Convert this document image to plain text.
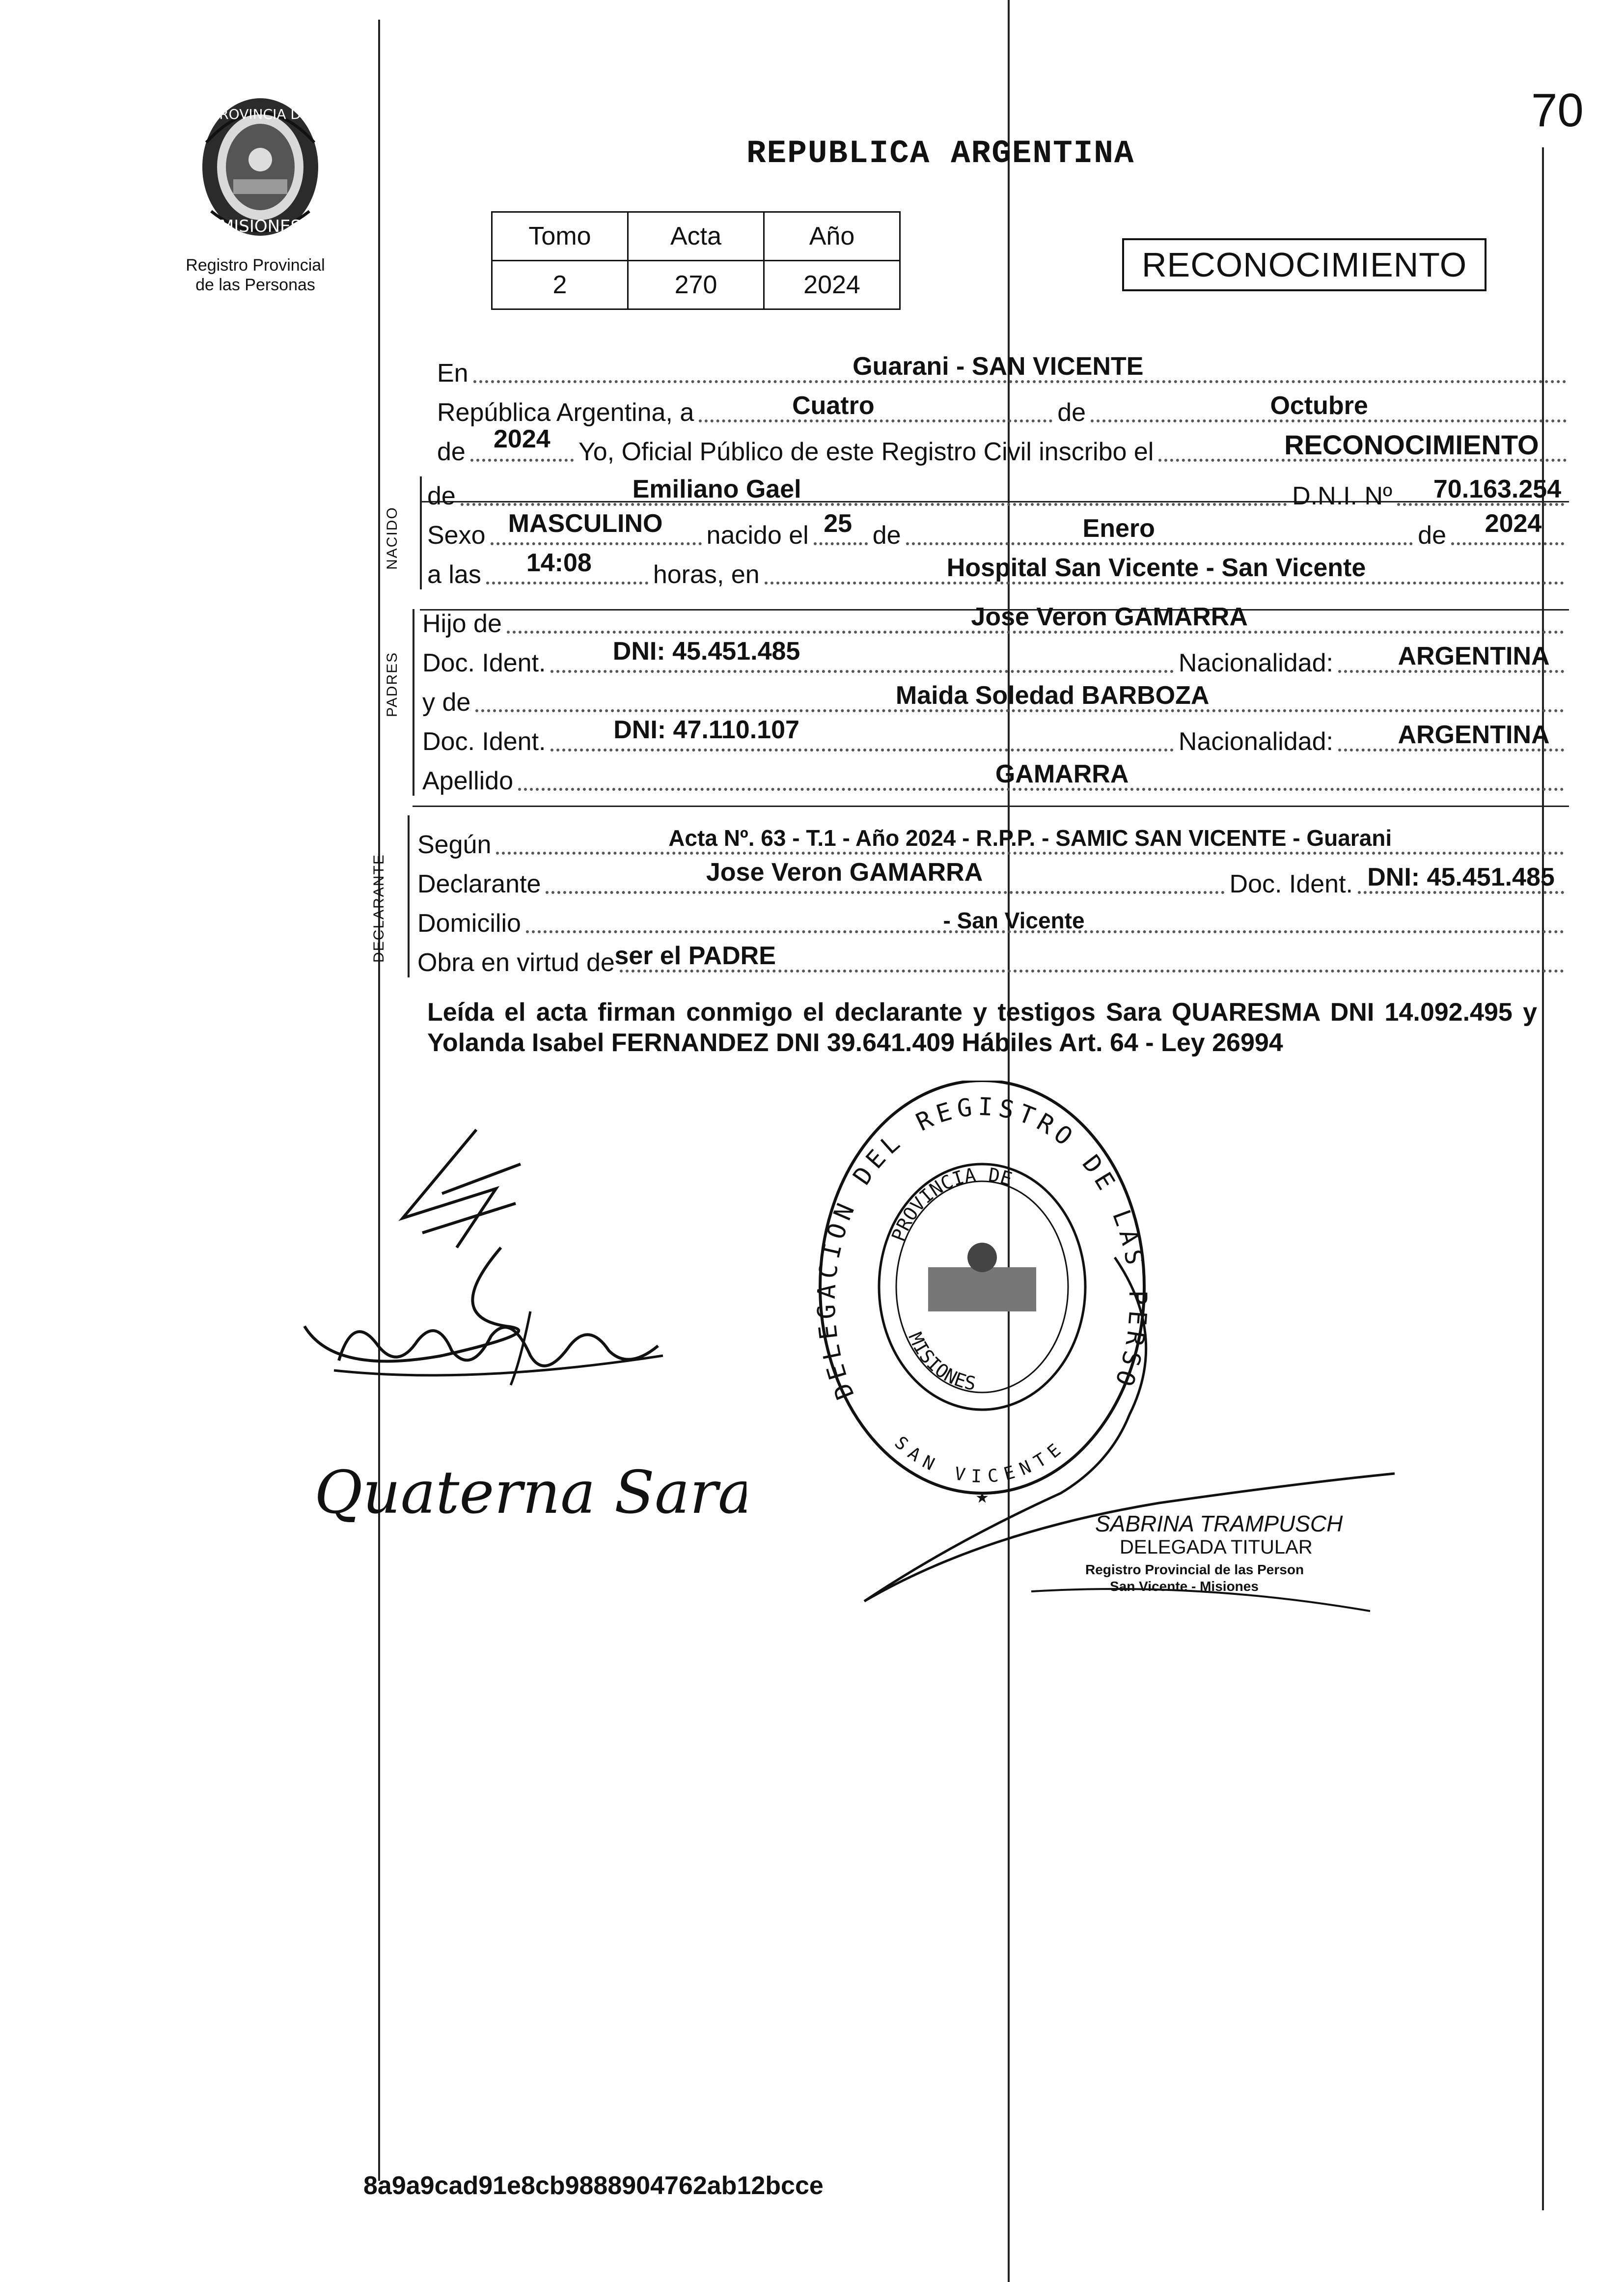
70
PROVINCIA DE
MISIONES
Registro Provincial
de las Personas
REPUBLICA ARGENTINA
Tomo	Acta	Año
2	270	2024
RECONOCIMIENTO
En	Guarani - SAN VICENTE
República Argentina, a	Cuatro	de	Octubre
de 2024 Yo, Oficial Público de este Registro Civil inscribo el	RECONOCIMIENTO
NACIDO
de	Emiliano Gael	D.N.I. Nº 70.163.254
Sexo MASCULINO nacido el 25 de	Enero	de 2024
a las 14:08 horas, en	Hospital San Vicente - San Vicente
PADRES
Hijo de	Jose Veron GAMARRA
Doc. Ident.	DNI: 45.451.485	Nacionalidad:	ARGENTINA
y de	Maida Soledad BARBOZA
Doc. Ident.	DNI: 47.110.107	Nacionalidad:	ARGENTINA
Apellido	GAMARRA
DECLARANTE
Según	Acta Nº. 63 - T.1 - Año 2024 - R.P.P. - SAMIC SAN VICENTE - Guarani
Declarante	Jose Veron GAMARRA	Doc. Ident. DNI: 45.451.485
Domicilio	- San Vicente
Obra en virtud de ser el PADRE
Leída el acta firman conmigo el declarante y testigos Sara QUARESMA DNI 14.092.495 y Yolanda Isabel FERNANDEZ DNI 39.641.409 Hábiles Art. 64 - Ley 26994
Quaterna Sara
DELEGACION DEL REGISTRO DE LAS PERSO
PROVINCIA DE
MISIONES
SAN VICENTE
★
SABRINA TRAMPUSCH
DELEGADA TITULAR
Registro Provincial de las Person
San Vicente - Misiones
8a9a9cad91e8cb9888904762ab12bcce
